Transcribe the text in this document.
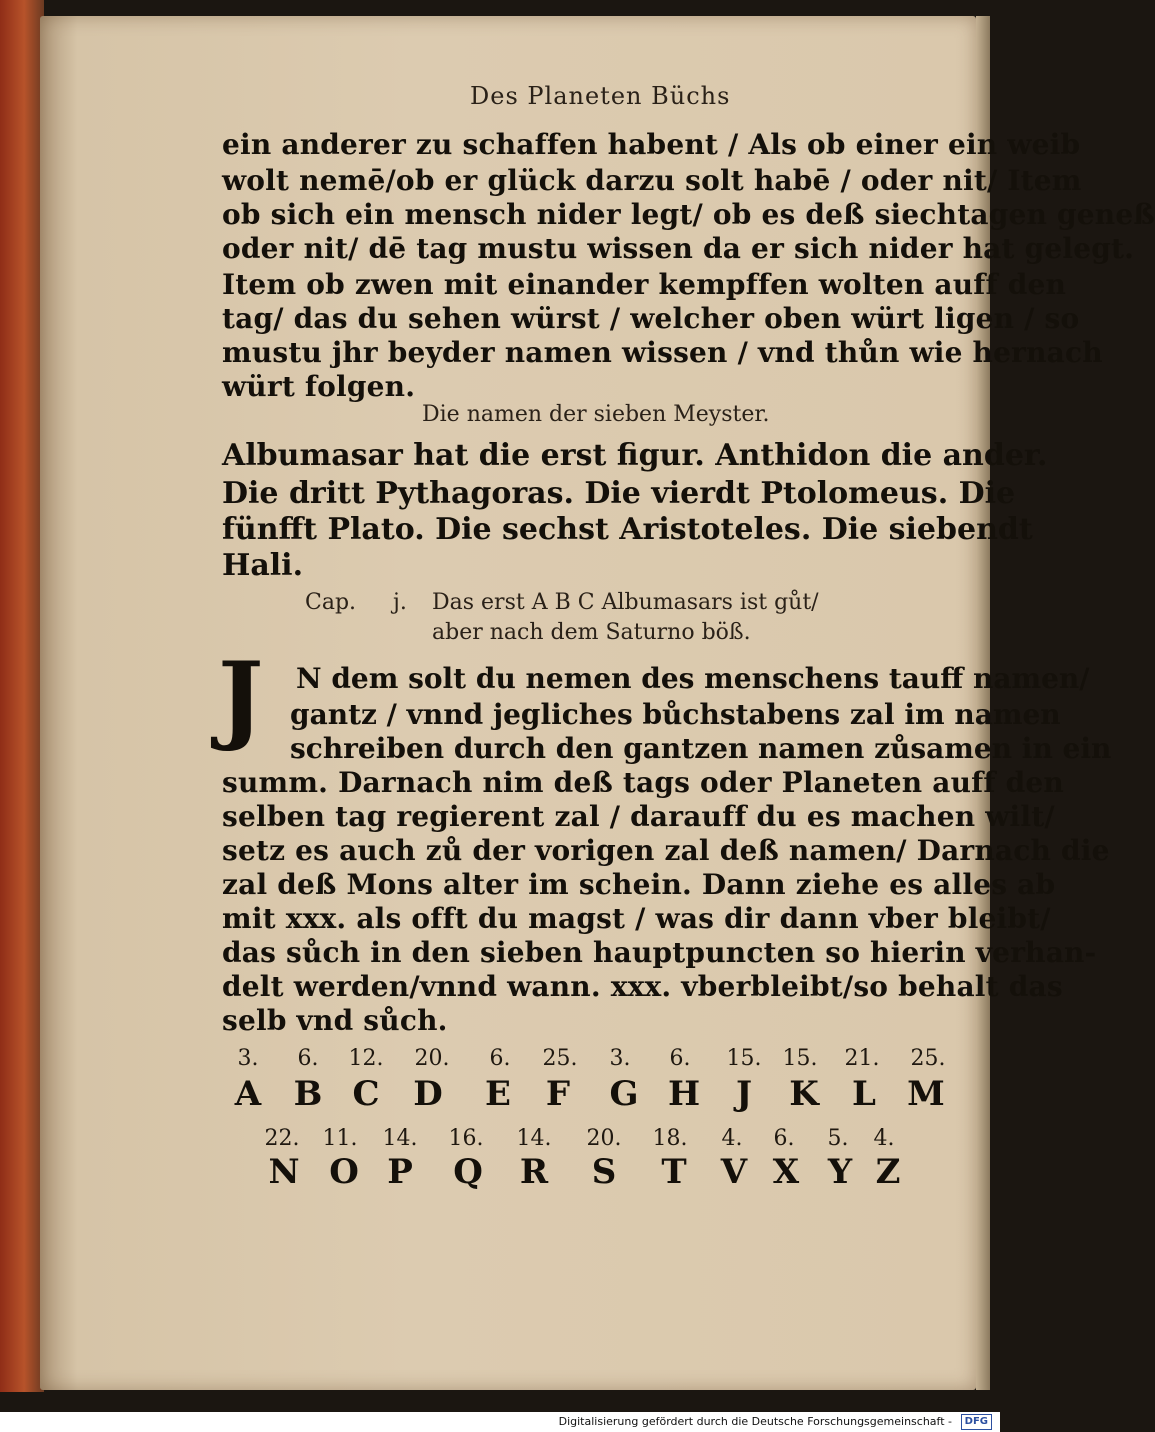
Des Planeten Büchs
ein anderer zu schaffen habent / Als ob einer ein weib
wolt nemē/ob er glück darzu solt habē / oder nit/ Item
ob sich ein mensch nider legt/ ob es deß siechtagen geneß
oder nit/ dē tag mustu wissen da er sich nider hat gelegt.
Item ob zwen mit einander kempffen wolten auff den
tag/ das du sehen würst / welcher oben würt ligen / so
mustu jhr beyder namen wissen / vnd thůn wie hernach
würt folgen.
Die namen der sieben Meyster.
Albumasar hat die erst figur. Anthidon die ander.
Die dritt Pythagoras. Die vierdt Ptolomeus. Die
fünfft Plato. Die sechst Aristoteles. Die siebendt
Hali.
Cap. j. Das erst A B C Albumasars ist gůt/
aber nach dem Saturno böß.
J	N dem solt du nemen des menschens tauff namen/
gantz / vnnd jegliches bůchstabens zal im namen
schreiben durch den gantzen namen zůsamen in ein
summ. Darnach nim deß tags oder Planeten auff den
selben tag regierent zal / darauff du es machen wilt/
setz es auch zů der vorigen zal deß namen/ Darnach die
zal deß Mons alter im schein. Dann ziehe es alles ab
mit xxx. als offt du magst / was dir dann vber bleibt/
das sůch in den sieben hauptpuncten so hierin verhan-
delt werden/vnnd wann. xxx. vberbleibt/so behalt das
selb vnd sůch.
3.
A
6.
B
12.
C
20.
D
6.
E
25.
F
3.
G
6.
H
15.
J
15.
K
21.
L
25.
M
22.
N
11.
O
14.
P
16.
Q
14.
R
20.
S
18.
T
4.
V
6.
X
5.
Y
4.
Z
Digitalisierung gefördert durch die Deutsche Forschungsgemeinschaft -	DFG
